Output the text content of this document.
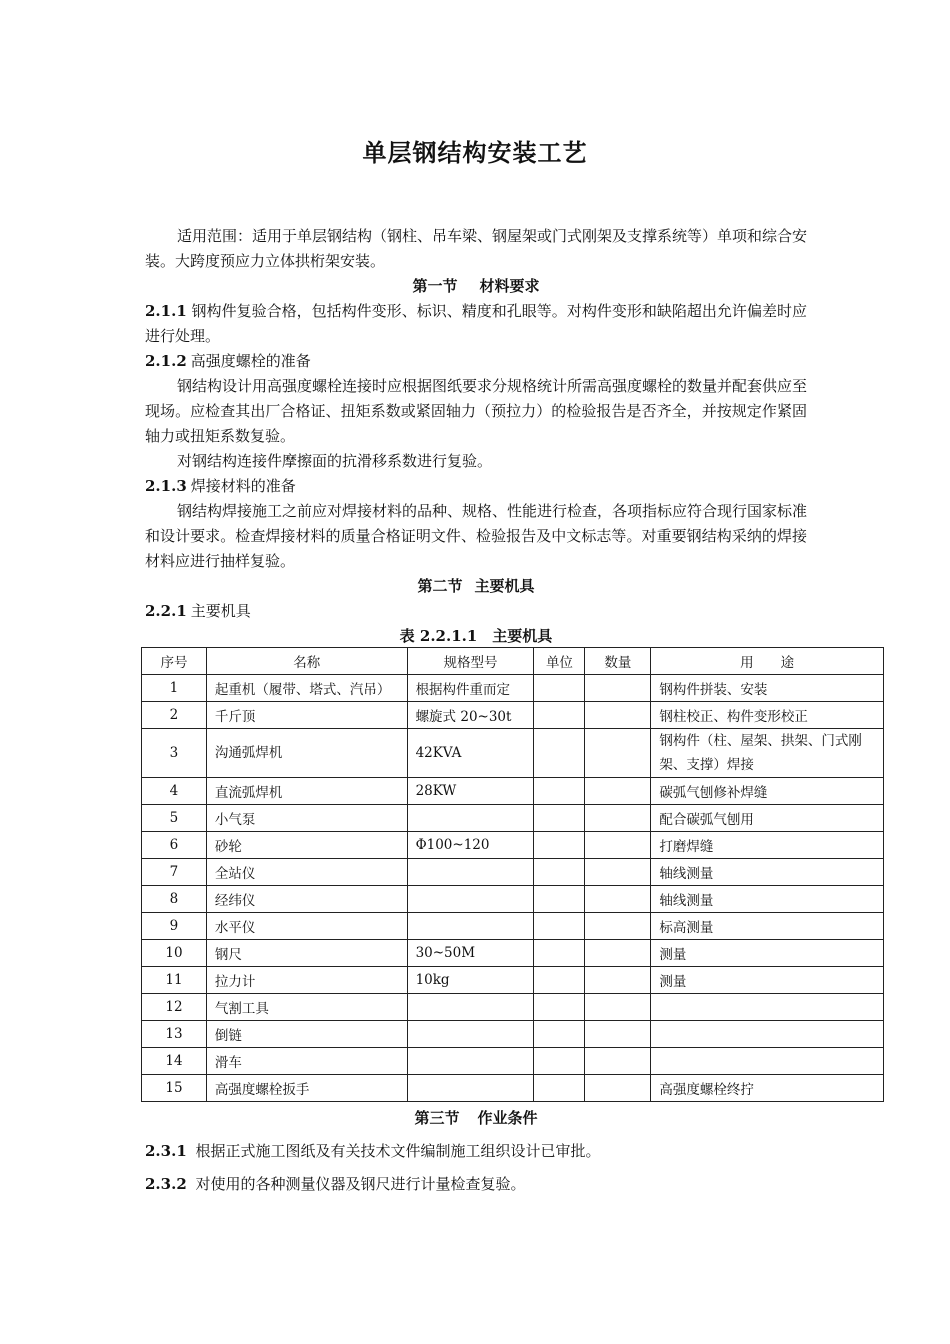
单层钢结构安装工艺

适用范围：适用于单层钢结构（钢柱、吊车梁、钢屋架或门式刚架及支撑系统等）单项和综合安装。大跨度预应力立体拱桁架安装。

第一节 材料要求

2.1.1 钢构件复验合格，包括构件变形、标识、精度和孔眼等。对构件变形和缺陷超出允许偏差时应进行处理。

2.1.2 高强度螺栓的准备

钢结构设计用高强度螺栓连接时应根据图纸要求分规格统计所需高强度螺栓的数量并配套供应至现场。应检查其出厂合格证、扭矩系数或紧固轴力（预拉力）的检验报告是否齐全，并按规定作紧固轴力或扭矩系数复验。

对钢结构连接件摩擦面的抗滑移系数进行复验。

2.1.3 焊接材料的准备

钢结构焊接施工之前应对焊接材料的品种、规格、性能进行检查，各项指标应符合现行国家标准和设计要求。检查焊接材料的质量合格证明文件、检验报告及中文标志等。对重要钢结构采纳的焊接材料应进行抽样复验。

第二节 主要机具

2.2.1 主要机具

表 2.2.1.1　主要机具

序号	名称	规格型号	单位	数量	用　　途
1	起重机（履带、塔式、汽吊）	根据构件重而定			钢构件拼装、安装
2	千斤顶	螺旋式 20~30t			钢柱校正、构件变形校正
3	沟通弧焊机	42KVA			钢构件（柱、屋架、拱架、门式刚架、支撑）焊接
4	直流弧焊机	28KW			碳弧气刨修补焊缝
5	小气泵				配合碳弧气刨用
6	砂轮	Φ100~120			打磨焊缝
7	全站仪				轴线测量
8	经纬仪				轴线测量
9	水平仪				标高测量
10	钢尺	30~50M			测量
11	拉力计	10kg			测量
12	气割工具				
13	倒链				
14	滑车				
15	高强度螺栓扳手				高强度螺栓终拧

第三节 作业条件

2.3.1 根据正式施工图纸及有关技术文件编制施工组织设计已审批。

2.3.2 对使用的各种测量仪器及钢尺进行计量检查复验。
